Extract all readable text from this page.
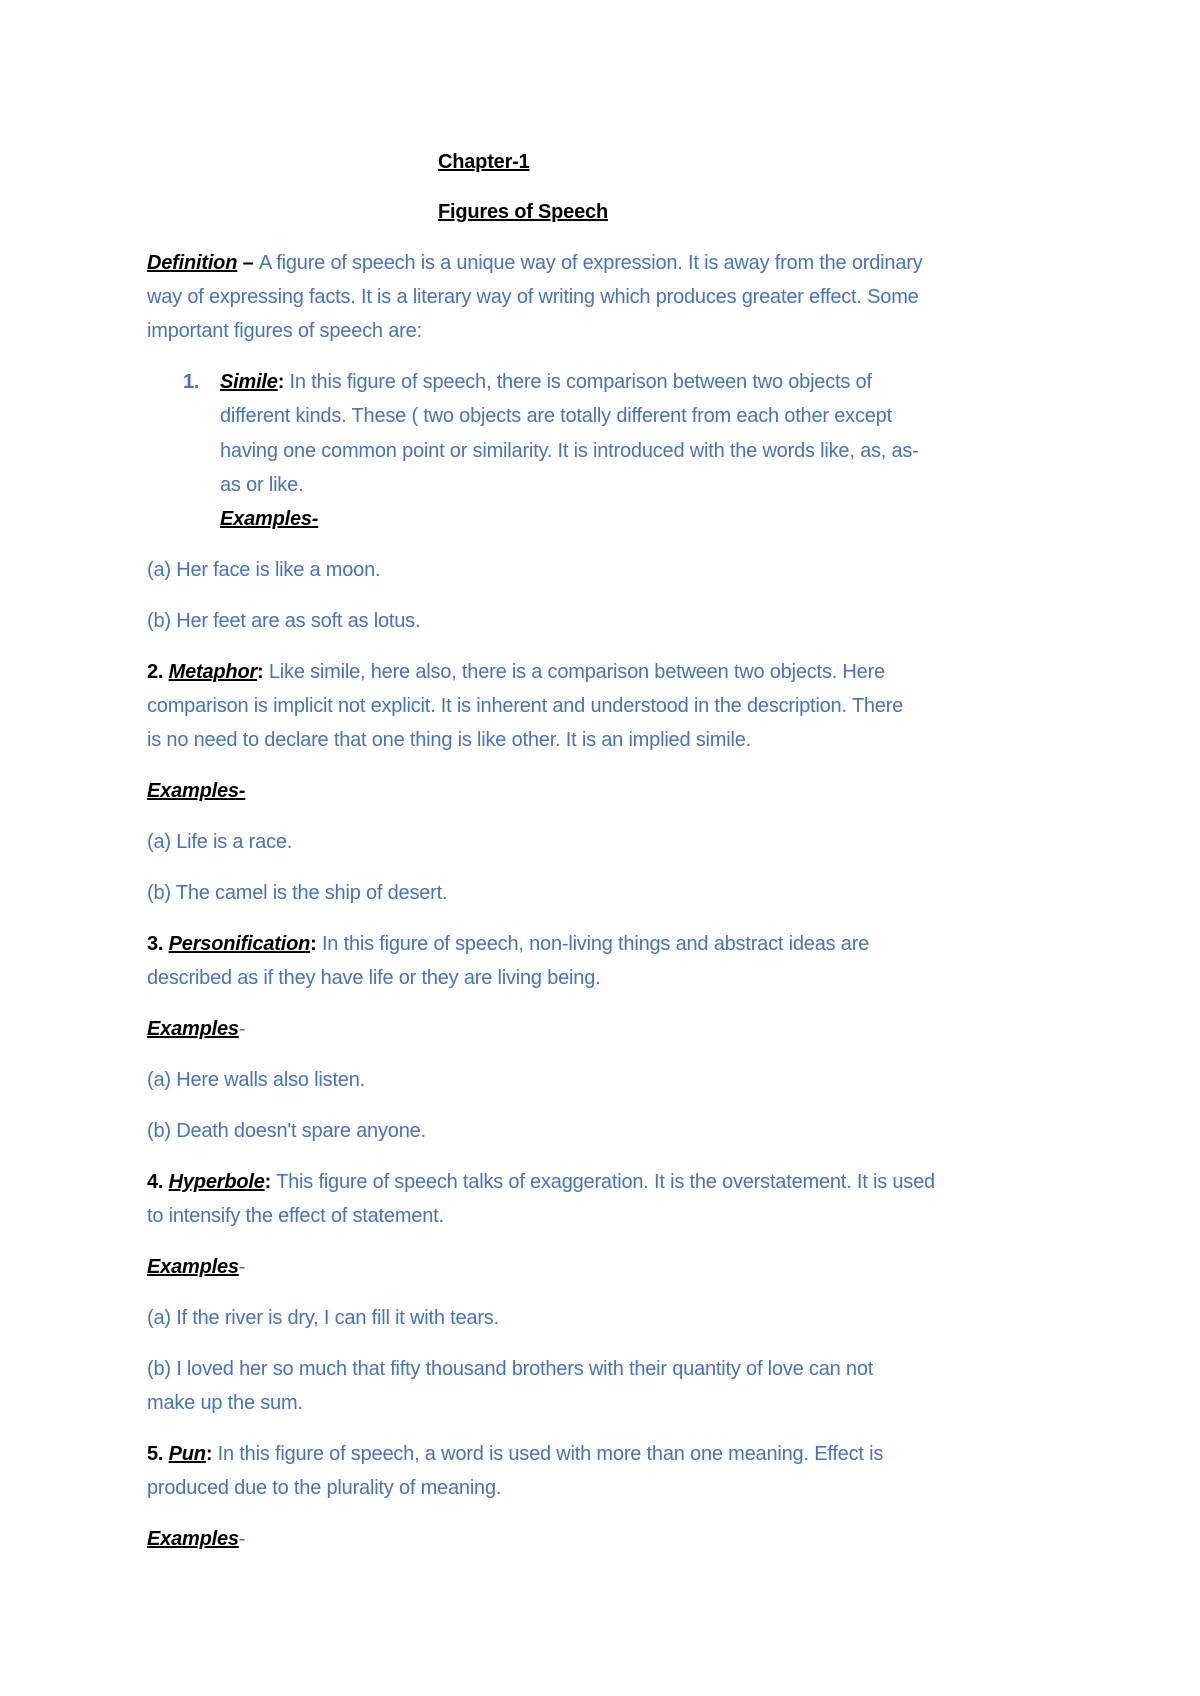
Chapter-1
Figures of Speech
Definition – A figure of speech is a unique way of expression. It is away from the ordinary
way of expressing facts. It is a literary way of writing which produces greater effect. Some
important figures of speech are:
1. Simile: In this figure of speech, there is comparison between two objects of
different kinds. These ( two objects are totally different from each other except
having one common point or similarity. It is introduced with the words like, as, as-
as or like.
Examples-
(a) Her face is like a moon.
(b) Her feet are as soft as lotus.
2. Metaphor: Like simile, here also, there is a comparison between two objects. Here
comparison is implicit not explicit. It is inherent and understood in the description. There
is no need to declare that one thing is like other. It is an implied simile.
Examples-
(a) Life is a race.
(b) The camel is the ship of desert.
3. Personification: In this figure of speech, non-living things and abstract ideas are
described as if they have life or they are living being.
Examples-
(a) Here walls also listen.
(b) Death doesn't spare anyone.
4. Hyperbole: This figure of speech talks of exaggeration. It is the overstatement. It is used
to intensify the effect of statement.
Examples-
(a) If the river is dry, I can fill it with tears.
(b) I loved her so much that fifty thousand brothers with their quantity of love can not
make up the sum.
5. Pun: In this figure of speech, a word is used with more than one meaning. Effect is
produced due to the plurality of meaning.
Examples-
